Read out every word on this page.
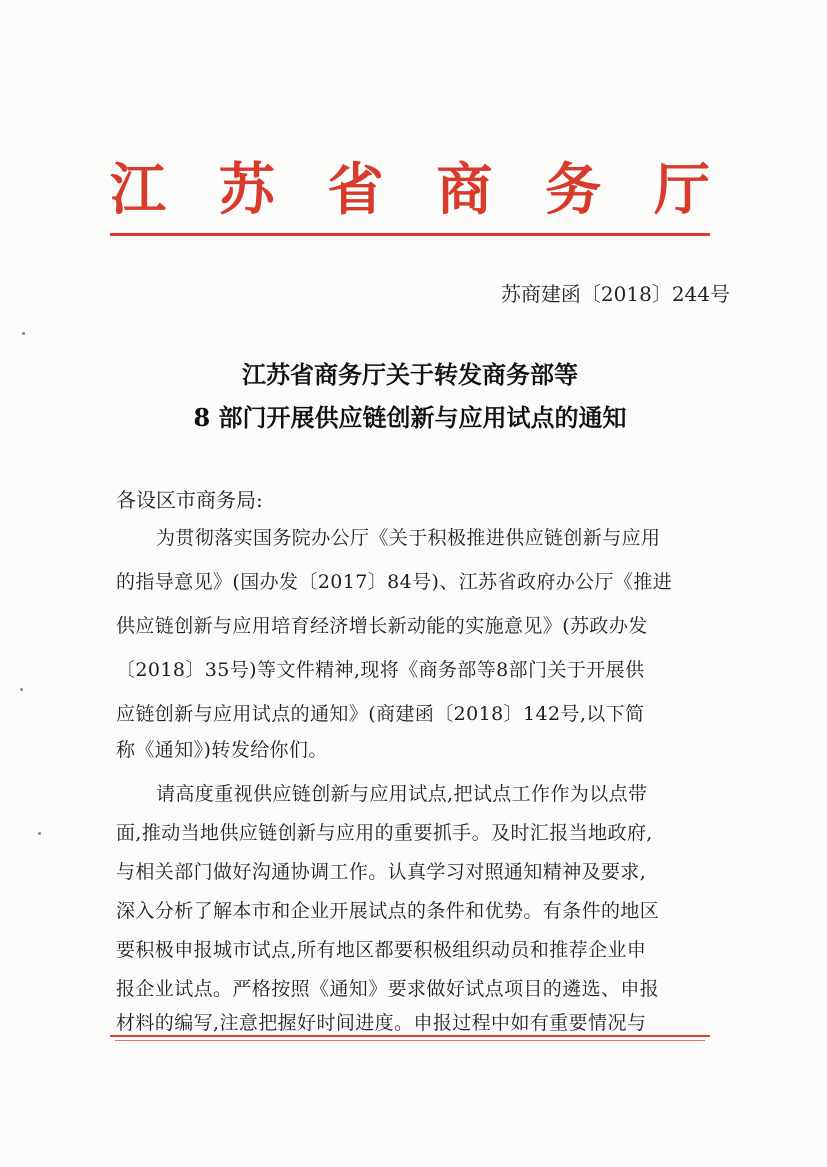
江 苏 省 商 务 厅
苏商建函〔2018〕244号
江苏省商务厅关于转发商务部等
8 部门开展供应链创新与应用试点的通知
各设区市商务局:
为贯彻落实国务院办公厅《关于积极推进供应链创新与应用
的指导意见》(国办发〔2017〕84号)、江苏省政府办公厅《推进
供应链创新与应用培育经济增长新动能的实施意见》(苏政办发
〔2018〕35号)等文件精神,现将《商务部等8部门关于开展供
应链创新与应用试点的通知》(商建函〔2018〕142号,以下简
称《通知》)转发给你们。
请高度重视供应链创新与应用试点,把试点工作作为以点带
面,推动当地供应链创新与应用的重要抓手。及时汇报当地政府,
与相关部门做好沟通协调工作。认真学习对照通知精神及要求,
深入分析了解本市和企业开展试点的条件和优势。有条件的地区
要积极申报城市试点,所有地区都要积极组织动员和推荐企业申
报企业试点。严格按照《通知》要求做好试点项目的遴选、申报
材料的编写,注意把握好时间进度。申报过程中如有重要情况与
